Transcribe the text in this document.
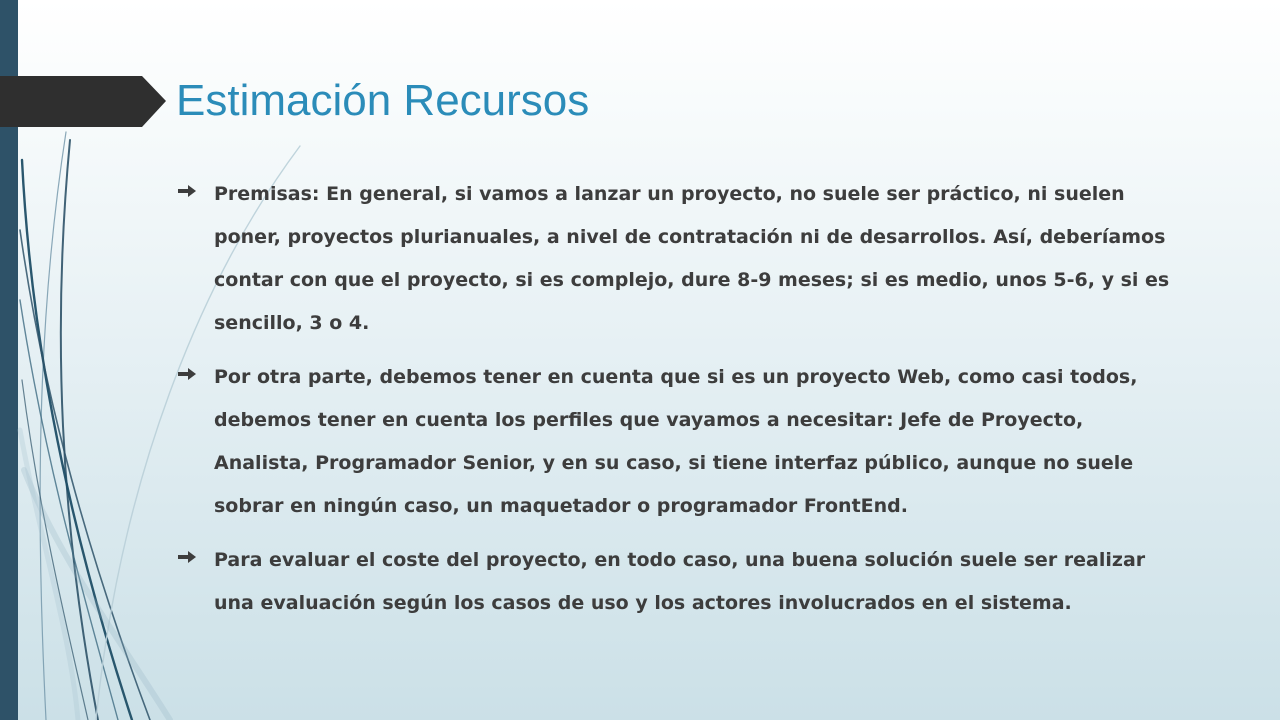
Estimación Recursos
Premisas: En general, si vamos a lanzar un proyecto, no suele ser práctico, ni suelen poner, proyectos plurianuales, a nivel de contratación ni de desarrollos. Así, deberíamos contar con que el proyecto, si es complejo, dure 8-9 meses; si es medio, unos 5-6, y si es sencillo, 3 o 4.
Por otra parte, debemos tener en cuenta que si es un proyecto Web, como casi todos, debemos tener en cuenta los perfiles que vayamos a necesitar: Jefe de Proyecto, Analista, Programador Senior, y en su caso, si tiene interfaz público, aunque no suele sobrar en ningún caso, un maquetador o programador FrontEnd.
Para evaluar el coste del proyecto, en todo caso, una buena solución suele ser realizar una evaluación según los casos de uso y los actores involucrados en el sistema.
